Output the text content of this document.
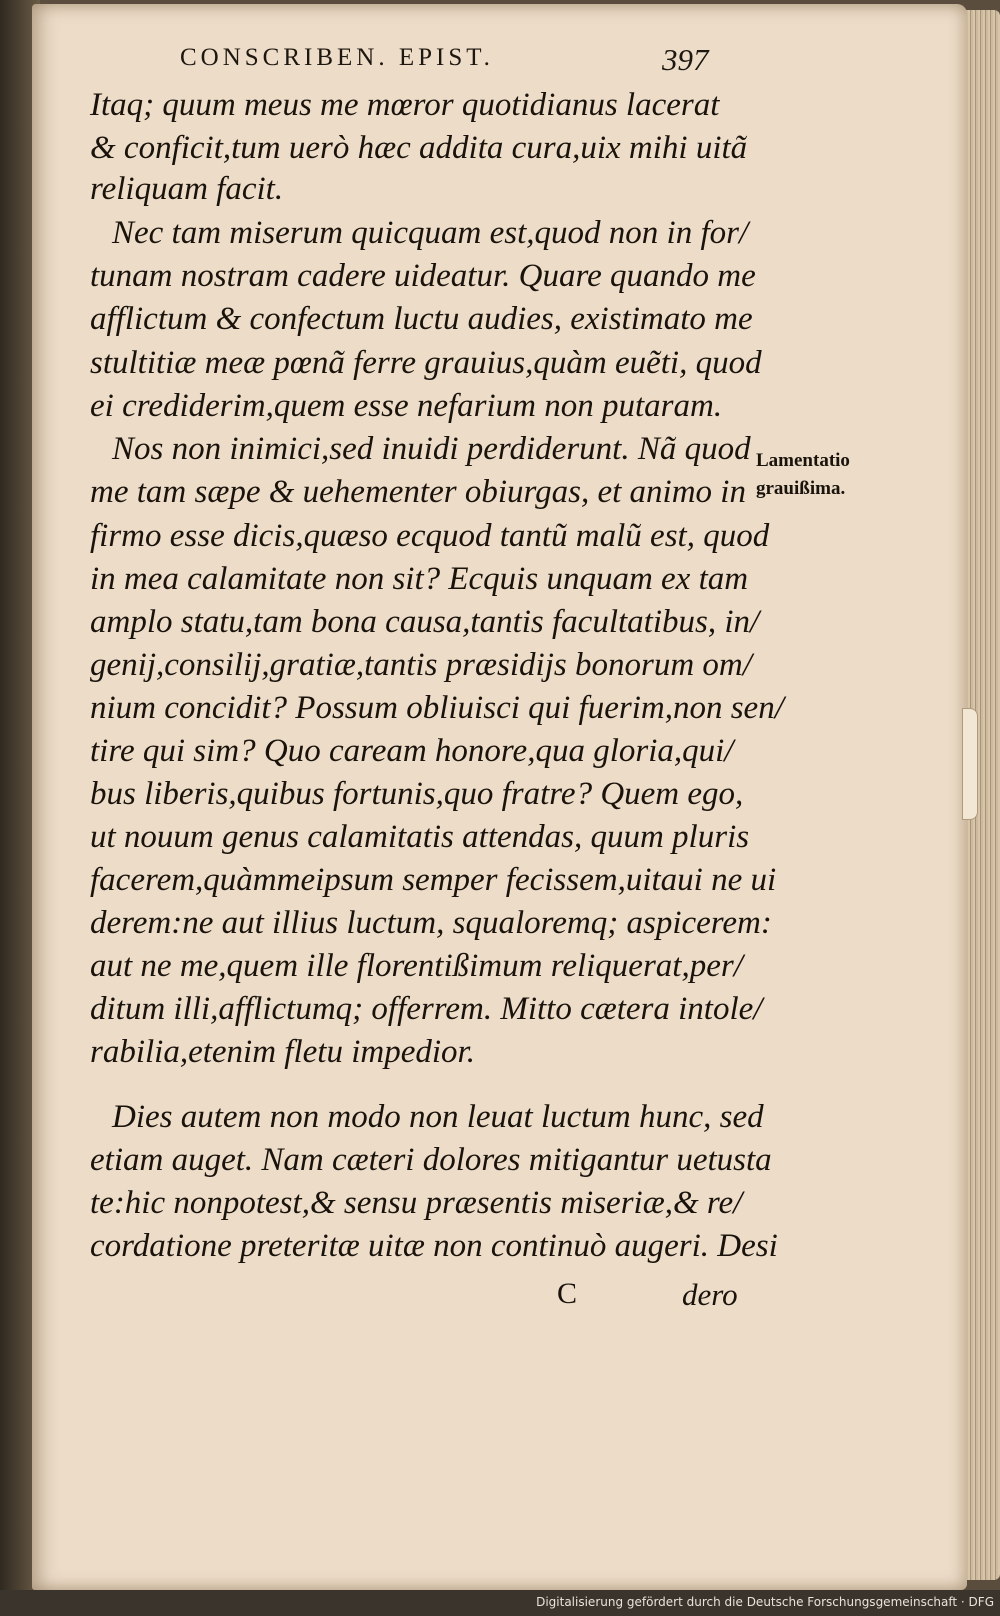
CONSCRIBEN. EPIST.	397
Itaq; quum meus me mœror quotidianus lacerat
& conficit,tum uerò hæc addita cura,uix mihi uitã
reliquam facit.
Nec tam miserum quicquam est,quod non in for/
tunam nostram cadere uideatur. Quare quando me
afflictum & confectum luctu audies, existimato me
stultitiæ meæ pœnã ferre grauius,quàm euẽti, quod
ei crediderim,quem esse nefarium non putaram.
Nos non inimici,sed inuidi perdiderunt. Nã quod
me tam sæpe & uehementer obiurgas, et animo in
firmo esse dicis,quæso ecquod tantũ malũ est, quod
in mea calamitate non sit? Ecquis unquam ex tam
amplo statu,tam bona causa,tantis facultatibus, in/
genij,consilij,gratiæ,tantis præsidijs bonorum om/
nium concidit? Possum obliuisci qui fuerim,non sen/
tire qui sim? Quo caream honore,qua gloria,qui/
bus liberis,quibus fortunis,quo fratre? Quem ego,
ut nouum genus calamitatis attendas, quum pluris
facerem,quàmmeipsum semper fecissem,uitaui ne ui
derem:ne aut illius luctum, squaloremq; aspicerem:
aut ne me,quem ille florentißimum reliquerat,per/
ditum illi,afflictumq; offerrem. Mitto cætera intole/
rabilia,etenim fletu impedior.
Dies autem non modo non leuat luctum hunc, sed
etiam auget. Nam cæteri dolores mitigantur uetusta
te:hic nonpotest,& sensu præsentis miseriæ,& re/
cordatione preteritæ uitæ non continuò augeri. Desi
Lamentatio
grauißima.
C	dero
Digitalisierung gefördert durch die Deutsche Forschungsgemeinschaft · DFG
